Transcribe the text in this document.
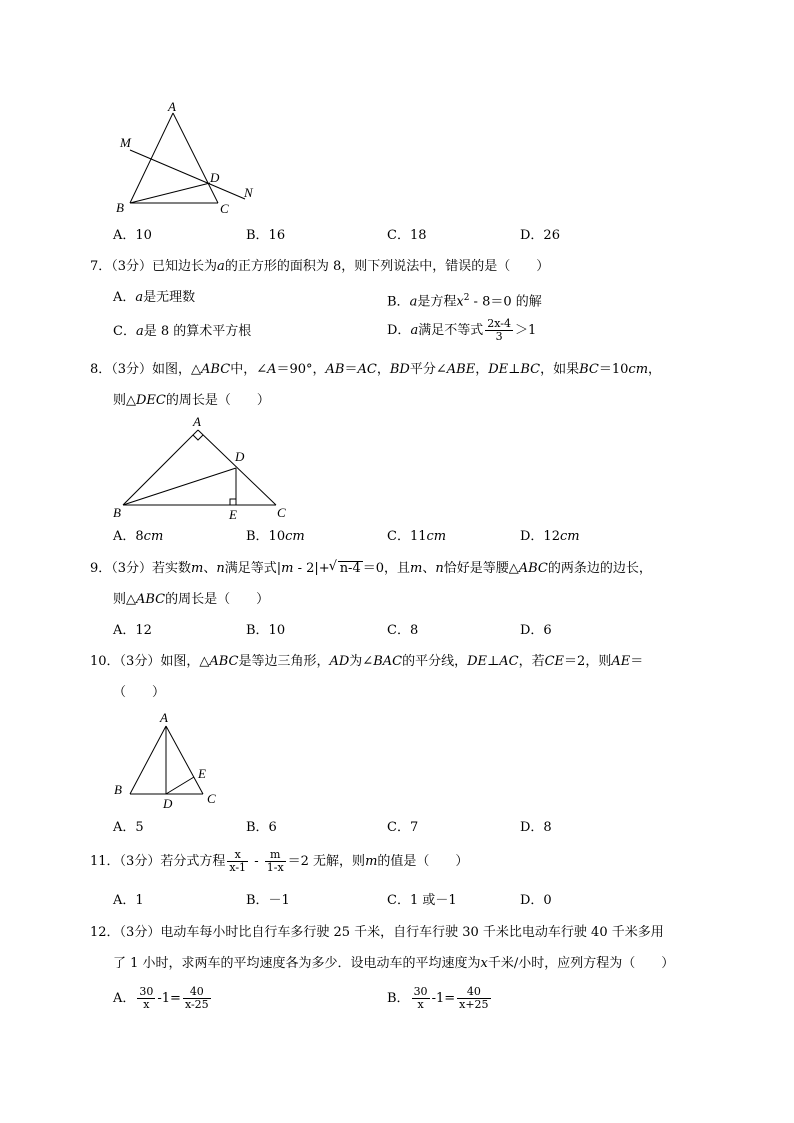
A
M
D
N
B	C
A．10	B．16	C．18	D．26
7．（3分）已知边长为a的正方形的面积为 8，则下列说法中，错误的是（　　）
A．a是无理数	B．a是方程$x^2 - 8=0$ 的解
C．a是 8 的算术平方根	D．a满足不等式 $\frac{2x-4}{3} >1$
8．（3分）如图，△ABC中，∠A＝90°，AB＝AC，BD平分∠ABE，DE⊥BC，如果BC＝10cm，
则△DEC的周长是（　　）
A
D
B	E	C
A．8cm	B．10cm	C．11cm	D．12cm
9．（3分）若实数m、n满足等式|m - 2|+√ n-4 ＝0，且m、n恰好是等腰△ABC的两条边的边长，
则△ABC的周长是（　　）
A．12	B．10	C．8	D．6
10．（3分）如图，△ABC是等边三角形，AD为∠BAC的平分线，DE⊥AC，若CE＝2，则AE＝
（　　）
A
E
B
D	C
A．5	B．6	C．7	D．8
11．（3分）若分式方程 $\frac{x}{x-1} - \frac{m}{1-x} =2$ 无解，则m的值是（　　）
A．1	B．－1	C．1 或－1	D．0
12．（3分）电动车每小时比自行车多行驶 25 千米，自行车行驶 30 千米比电动车行驶 40 千米多用
了 1 小时，求两车的平均速度各为多少．设电动车的平均速度为x千米/小时，应列方程为（　　）
A． $\frac{30}{x} -1= \frac{40}{x-25}$	B． $\frac{30}{x} -1= \frac{40}{x+25}$
